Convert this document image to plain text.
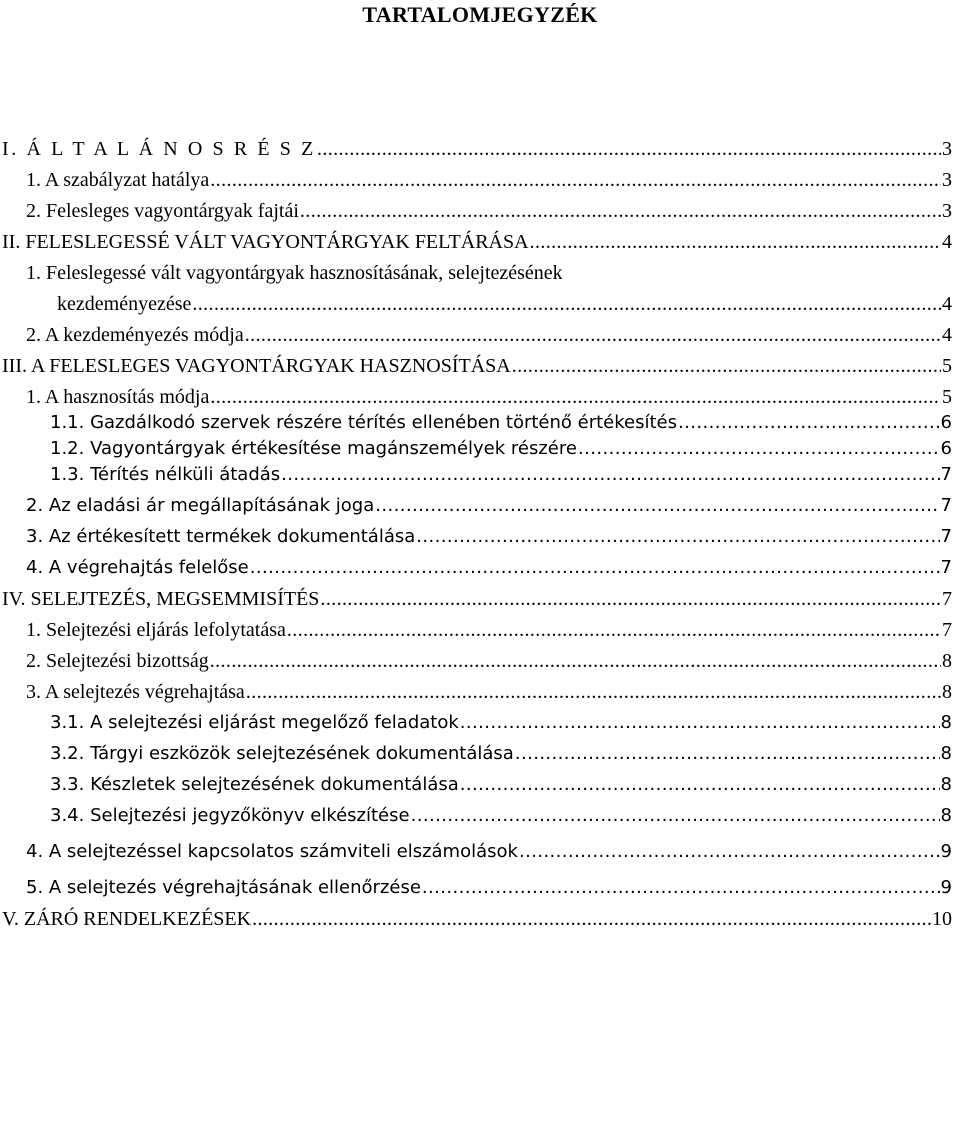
TARTALOMJEGYZÉK
I. Á L T A L Á N O S R É S Z .....	3
1. A szabályzat hatálya .....	3
2. Felesleges vagyontárgyak fajtái .....	3
II. FELESLEGESSÉ VÁLT VAGYONTÁRGYAK FELTÁRÁSA .....	4
1. Feleslegessé vált vagyontárgyak hasznosításának, selejtezésének
kezdeményezése .....	4
2. A kezdeményezés módja .....	4
III. A FELESLEGES VAGYONTÁRGYAK HASZNOSÍTÁSA .....	5
1. A hasznosítás módja .....	5
1.1. Gazdálkodó szervek részére térítés ellenében történő értékesítés .....	6
1.2. Vagyontárgyak értékesítése magánszemélyek részére .....	6
1.3. Térítés nélküli átadás .....	7
2. Az eladási ár megállapításának joga .....	7
3. Az értékesített termékek dokumentálása .....	7
4. A végrehajtás felelőse .....	7
IV. SELEJTEZÉS, MEGSEMMISÍTÉS .....	7
1. Selejtezési eljárás lefolytatása .....	7
2. Selejtezési bizottság .....	8
3. A selejtezés végrehajtása .....	8
3.1. A selejtezési eljárást megelőző feladatok .....	8
3.2. Tárgyi eszközök selejtezésének dokumentálása .....	8
3.3. Készletek selejtezésének dokumentálása .....	8
3.4. Selejtezési jegyzőkönyv elkészítése .....	8
4. A selejtezéssel kapcsolatos számviteli elszámolások .....	9
5. A selejtezés végrehajtásának ellenőrzése .....	9
V. ZÁRÓ RENDELKEZÉSEK .....	10
